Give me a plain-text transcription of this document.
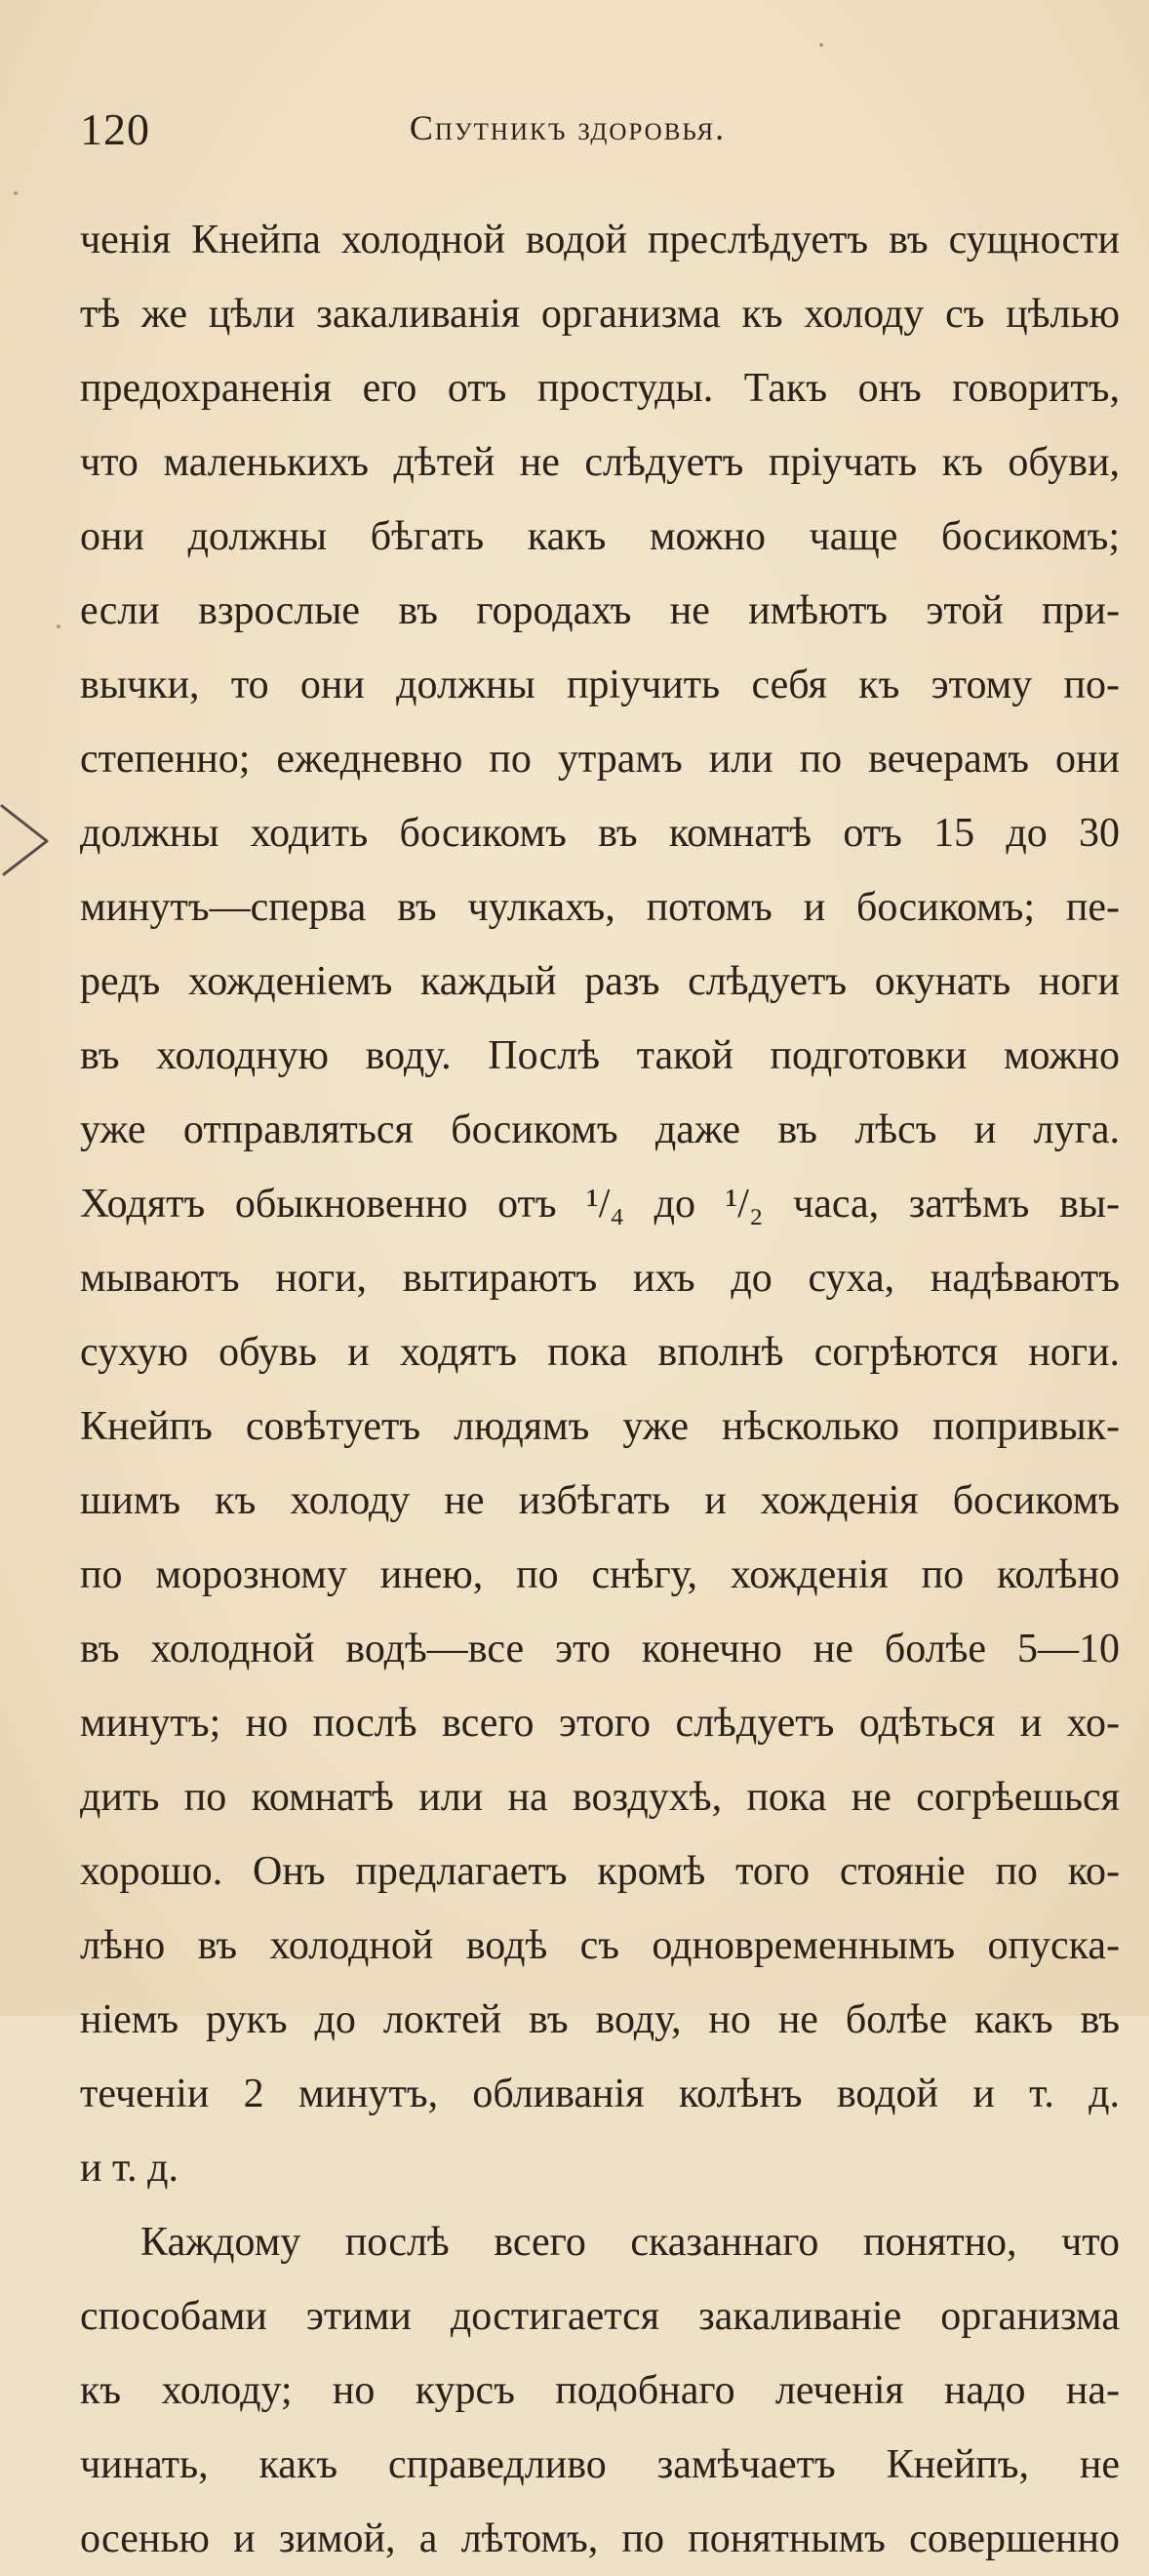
120	Спутникъ здоровья.
ченія Кнейпа холодной водой преслѣдуетъ въ сущности
тѣ же цѣли закаливанія организма къ холоду съ цѣлью
предохраненія его отъ простуды. Такъ онъ говоритъ,
что маленькихъ дѣтей не слѣдуетъ пріучать къ обуви,
они должны бѣгать какъ можно чаще босикомъ;
если взрослые въ городахъ не имѣютъ этой при-
вычки, то они должны пріучить себя къ этому по-
степенно; ежедневно по утрамъ или по вечерамъ они
должны ходить босикомъ въ комнатѣ отъ 15 до 30
минутъ—сперва въ чулкахъ, потомъ и босикомъ; пе-
редъ хожденіемъ каждый разъ слѣдуетъ окунать ноги
въ холодную воду. Послѣ такой подготовки можно
уже отправляться босикомъ даже въ лѣсъ и луга.
Ходятъ обыкновенно отъ ¹/₄ до ¹/₂ часа, затѣмъ вы-
мываютъ ноги, вытираютъ ихъ до суха, надѣваютъ
сухую обувь и ходятъ пока вполнѣ согрѣются ноги.
Кнейпъ совѣтуетъ людямъ уже нѣсколько попривык-
шимъ къ холоду не избѣгать и хожденія босикомъ
по морозному инею, по снѣгу, хожденія по колѣно
въ холодной водѣ—все это конечно не болѣе 5—10
минутъ; но послѣ всего этого слѣдуетъ одѣться и хо-
дить по комнатѣ или на воздухѣ, пока не согрѣешься
хорошо. Онъ предлагаетъ кромѣ того стояніе по ко-
лѣно въ холодной водѣ съ одновременнымъ опуска-
ніемъ рукъ до локтей въ воду, но не болѣе какъ въ
теченіи 2 минутъ, обливанія колѣнъ водой и т. д.
и т. д.
Каждому послѣ всего сказаннаго понятно, что
способами этими достигается закаливаніе организма
къ холоду; но курсъ подобнаго леченія надо на-
чинать, какъ справедливо замѣчаетъ Кнейпъ, не
осенью и зимой, а лѣтомъ, по понятнымъ совершенно
